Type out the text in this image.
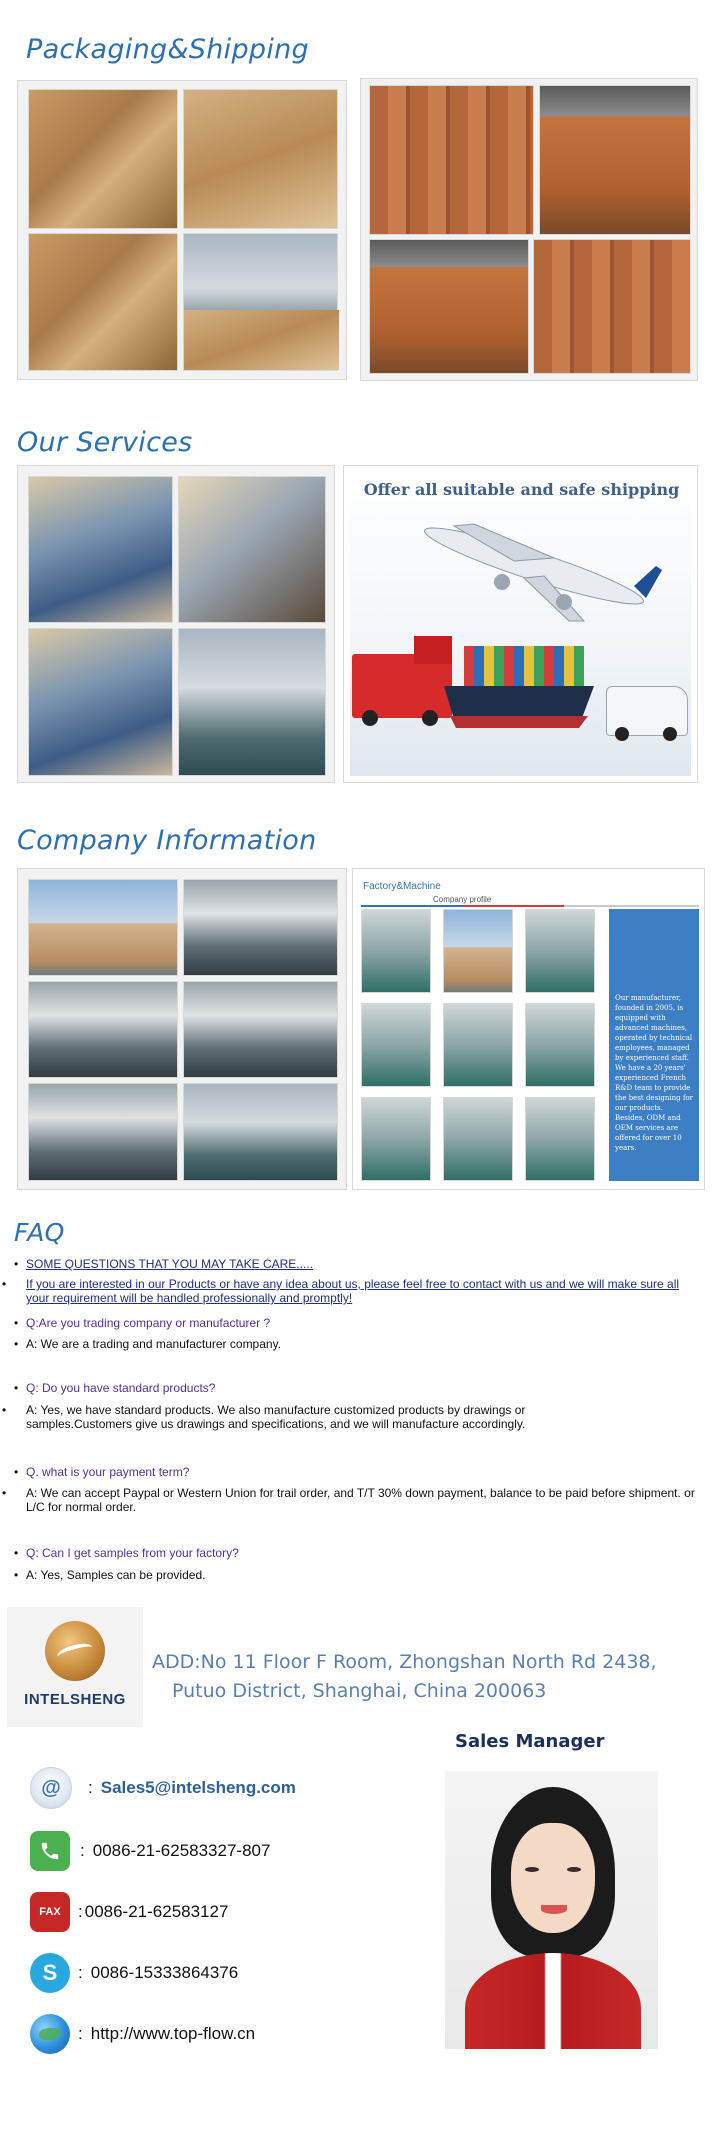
Packaging&Shipping
Our Services
Offer all suitable and safe shipping
Company Information
Factory&Machine
Company profile
Our manufacturer, founded in 2005, is equipped with advanced machines, operated by technical employees, managed by experienced staff. We have a 20 years' experienced French R&D team to provide the best designing for our products. Besides, ODM and OEM services are offered for over 10 years.
FAQ
• SOME QUESTIONS THAT YOU MAY TAKE CARE.....
• If you are interested in our Products or have any idea about us, please feel free to contact with us and we will make sure all your requirement will be handled professionally and promptly!
• Q:Are you trading company or manufacturer ?
• A: We are a trading and manufacturer company.
• Q: Do you have standard products?
• A: Yes, we have standard products. We also manufacture customized products by drawings or samples.Customers give us drawings and specifications, and we will manufacture accordingly.
• Q. what is your payment term?
• A: We can accept Paypal or Western Union for trail order, and T/T 30% down payment, balance to be paid before shipment. or L/C for normal order.
• Q: Can I get samples from your factory?
• A: Yes, Samples can be provided.
INTELSHENG
ADD:No 11 Floor F Room, Zhongshan North Rd 2438,
Putuo District, Shanghai, China 200063
Sales Manager
@ : Sales5@intelsheng.com
: 0086-21-62583327-807
FAX : 0086-21-62583127
S : 0086-15333864376
: http://www.top-flow.cn
